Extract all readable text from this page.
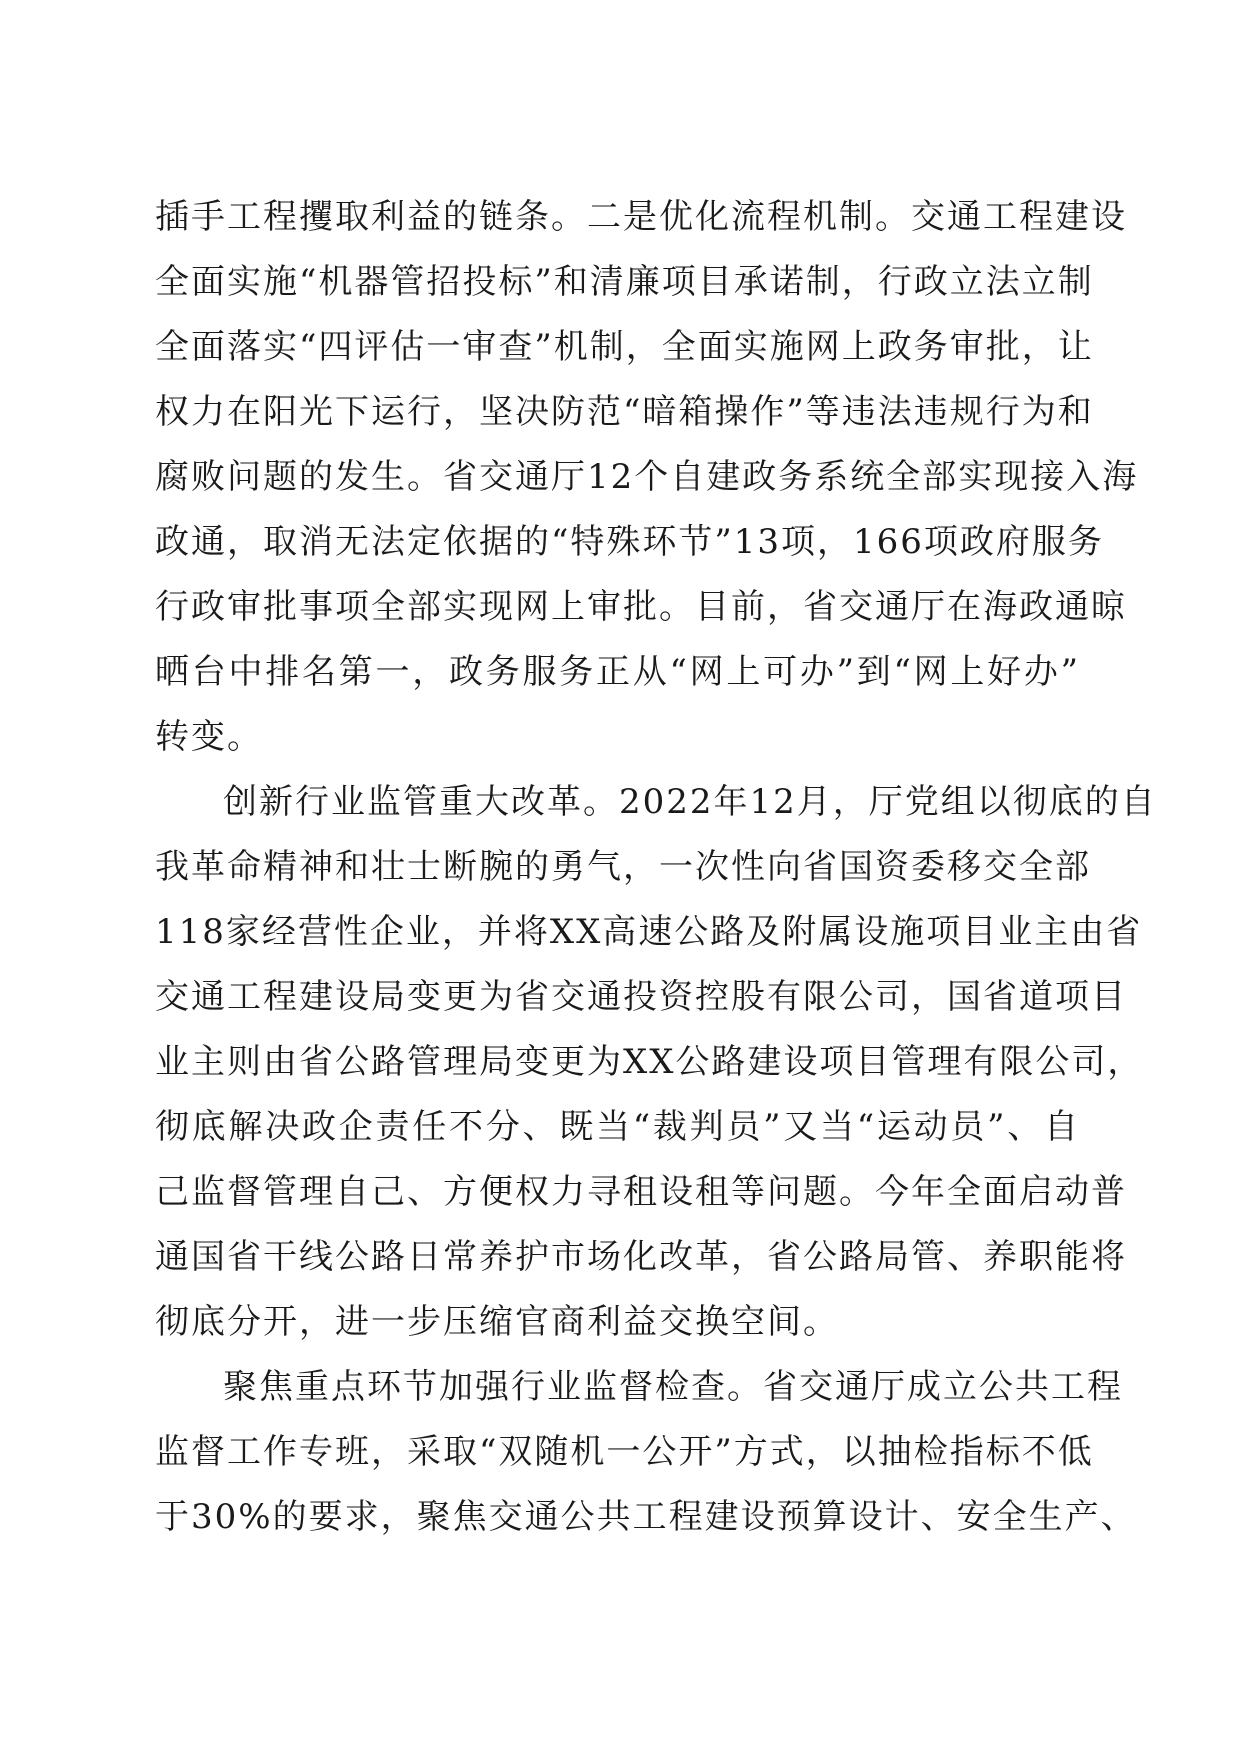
插手工程攫取利益的链条。二是优化流程机制。交通工程建设
全面实施“机器管招投标”和清廉项目承诺制，行政立法立制
全面落实“四评估一审查”机制，全面实施网上政务审批，让
权力在阳光下运行，坚决防范“暗箱操作”等违法违规行为和
腐败问题的发生。省交通厅12个自建政务系统全部实现接入海
政通，取消无法定依据的“特殊环节”13项，166项政府服务
行政审批事项全部实现网上审批。目前，省交通厅在海政通晾
晒台中排名第一，政务服务正从“网上可办”到“网上好办”
转变。
创新行业监管重大改革。2022年12月，厅党组以彻底的自
我革命精神和壮士断腕的勇气，一次性向省国资委移交全部
118家经营性企业，并将XX高速公路及附属设施项目业主由省
交通工程建设局变更为省交通投资控股有限公司，国省道项目
业主则由省公路管理局变更为XX公路建设项目管理有限公司，
彻底解决政企责任不分、既当“裁判员”又当“运动员”、自
己监督管理自己、方便权力寻租设租等问题。今年全面启动普
通国省干线公路日常养护市场化改革，省公路局管、养职能将
彻底分开，进一步压缩官商利益交换空间。
聚焦重点环节加强行业监督检查。省交通厅成立公共工程
监督工作专班，采取“双随机一公开”方式，以抽检指标不低
于30%的要求，聚焦交通公共工程建设预算设计、安全生产、
